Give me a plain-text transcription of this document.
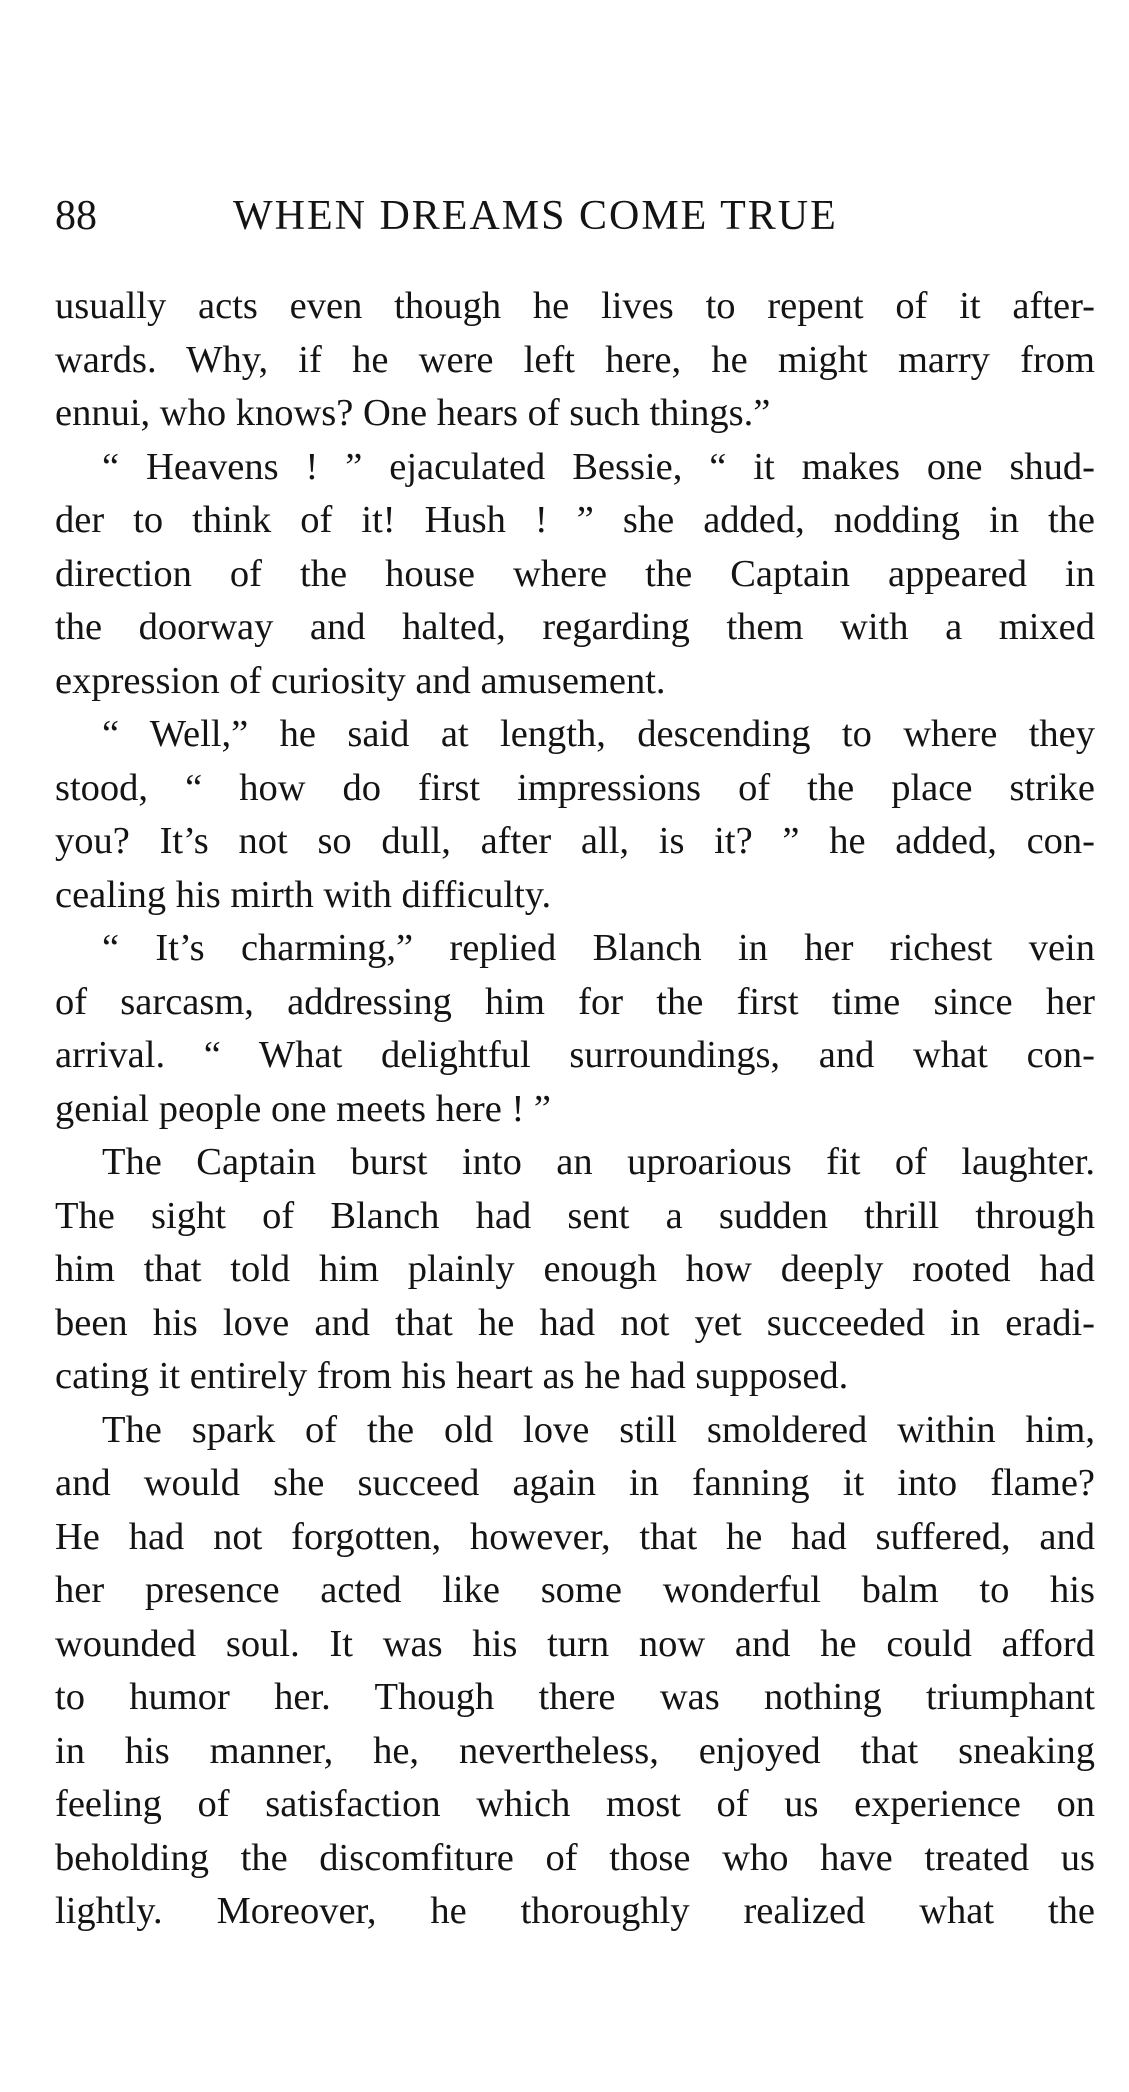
88	WHEN DREAMS COME TRUE
usually acts even though he lives to repent of it after-
wards. Why, if he were left here, he might marry from
ennui, who knows? One hears of such things.”
“ Heavens ! ” ejaculated Bessie, “ it makes one shud-
der to think of it! Hush ! ” she added, nodding in the
direction of the house where the Captain appeared in
the doorway and halted, regarding them with a mixed
expression of curiosity and amusement.
“ Well,” he said at length, descending to where they
stood, “ how do first impressions of the place strike
you? It’s not so dull, after all, is it? ” he added, con-
cealing his mirth with difficulty.
“ It’s charming,” replied Blanch in her richest vein
of sarcasm, addressing him for the first time since her
arrival. “ What delightful surroundings, and what con-
genial people one meets here ! ”
The Captain burst into an uproarious fit of laughter.
The sight of Blanch had sent a sudden thrill through
him that told him plainly enough how deeply rooted had
been his love and that he had not yet succeeded in eradi-
cating it entirely from his heart as he had supposed.
The spark of the old love still smoldered within him,
and would she succeed again in fanning it into flame?
He had not forgotten, however, that he had suffered, and
her presence acted like some wonderful balm to his
wounded soul. It was his turn now and he could afford
to humor her. Though there was nothing triumphant
in his manner, he, nevertheless, enjoyed that sneaking
feeling of satisfaction which most of us experience on
beholding the discomfiture of those who have treated us
lightly. Moreover, he thoroughly realized what the
